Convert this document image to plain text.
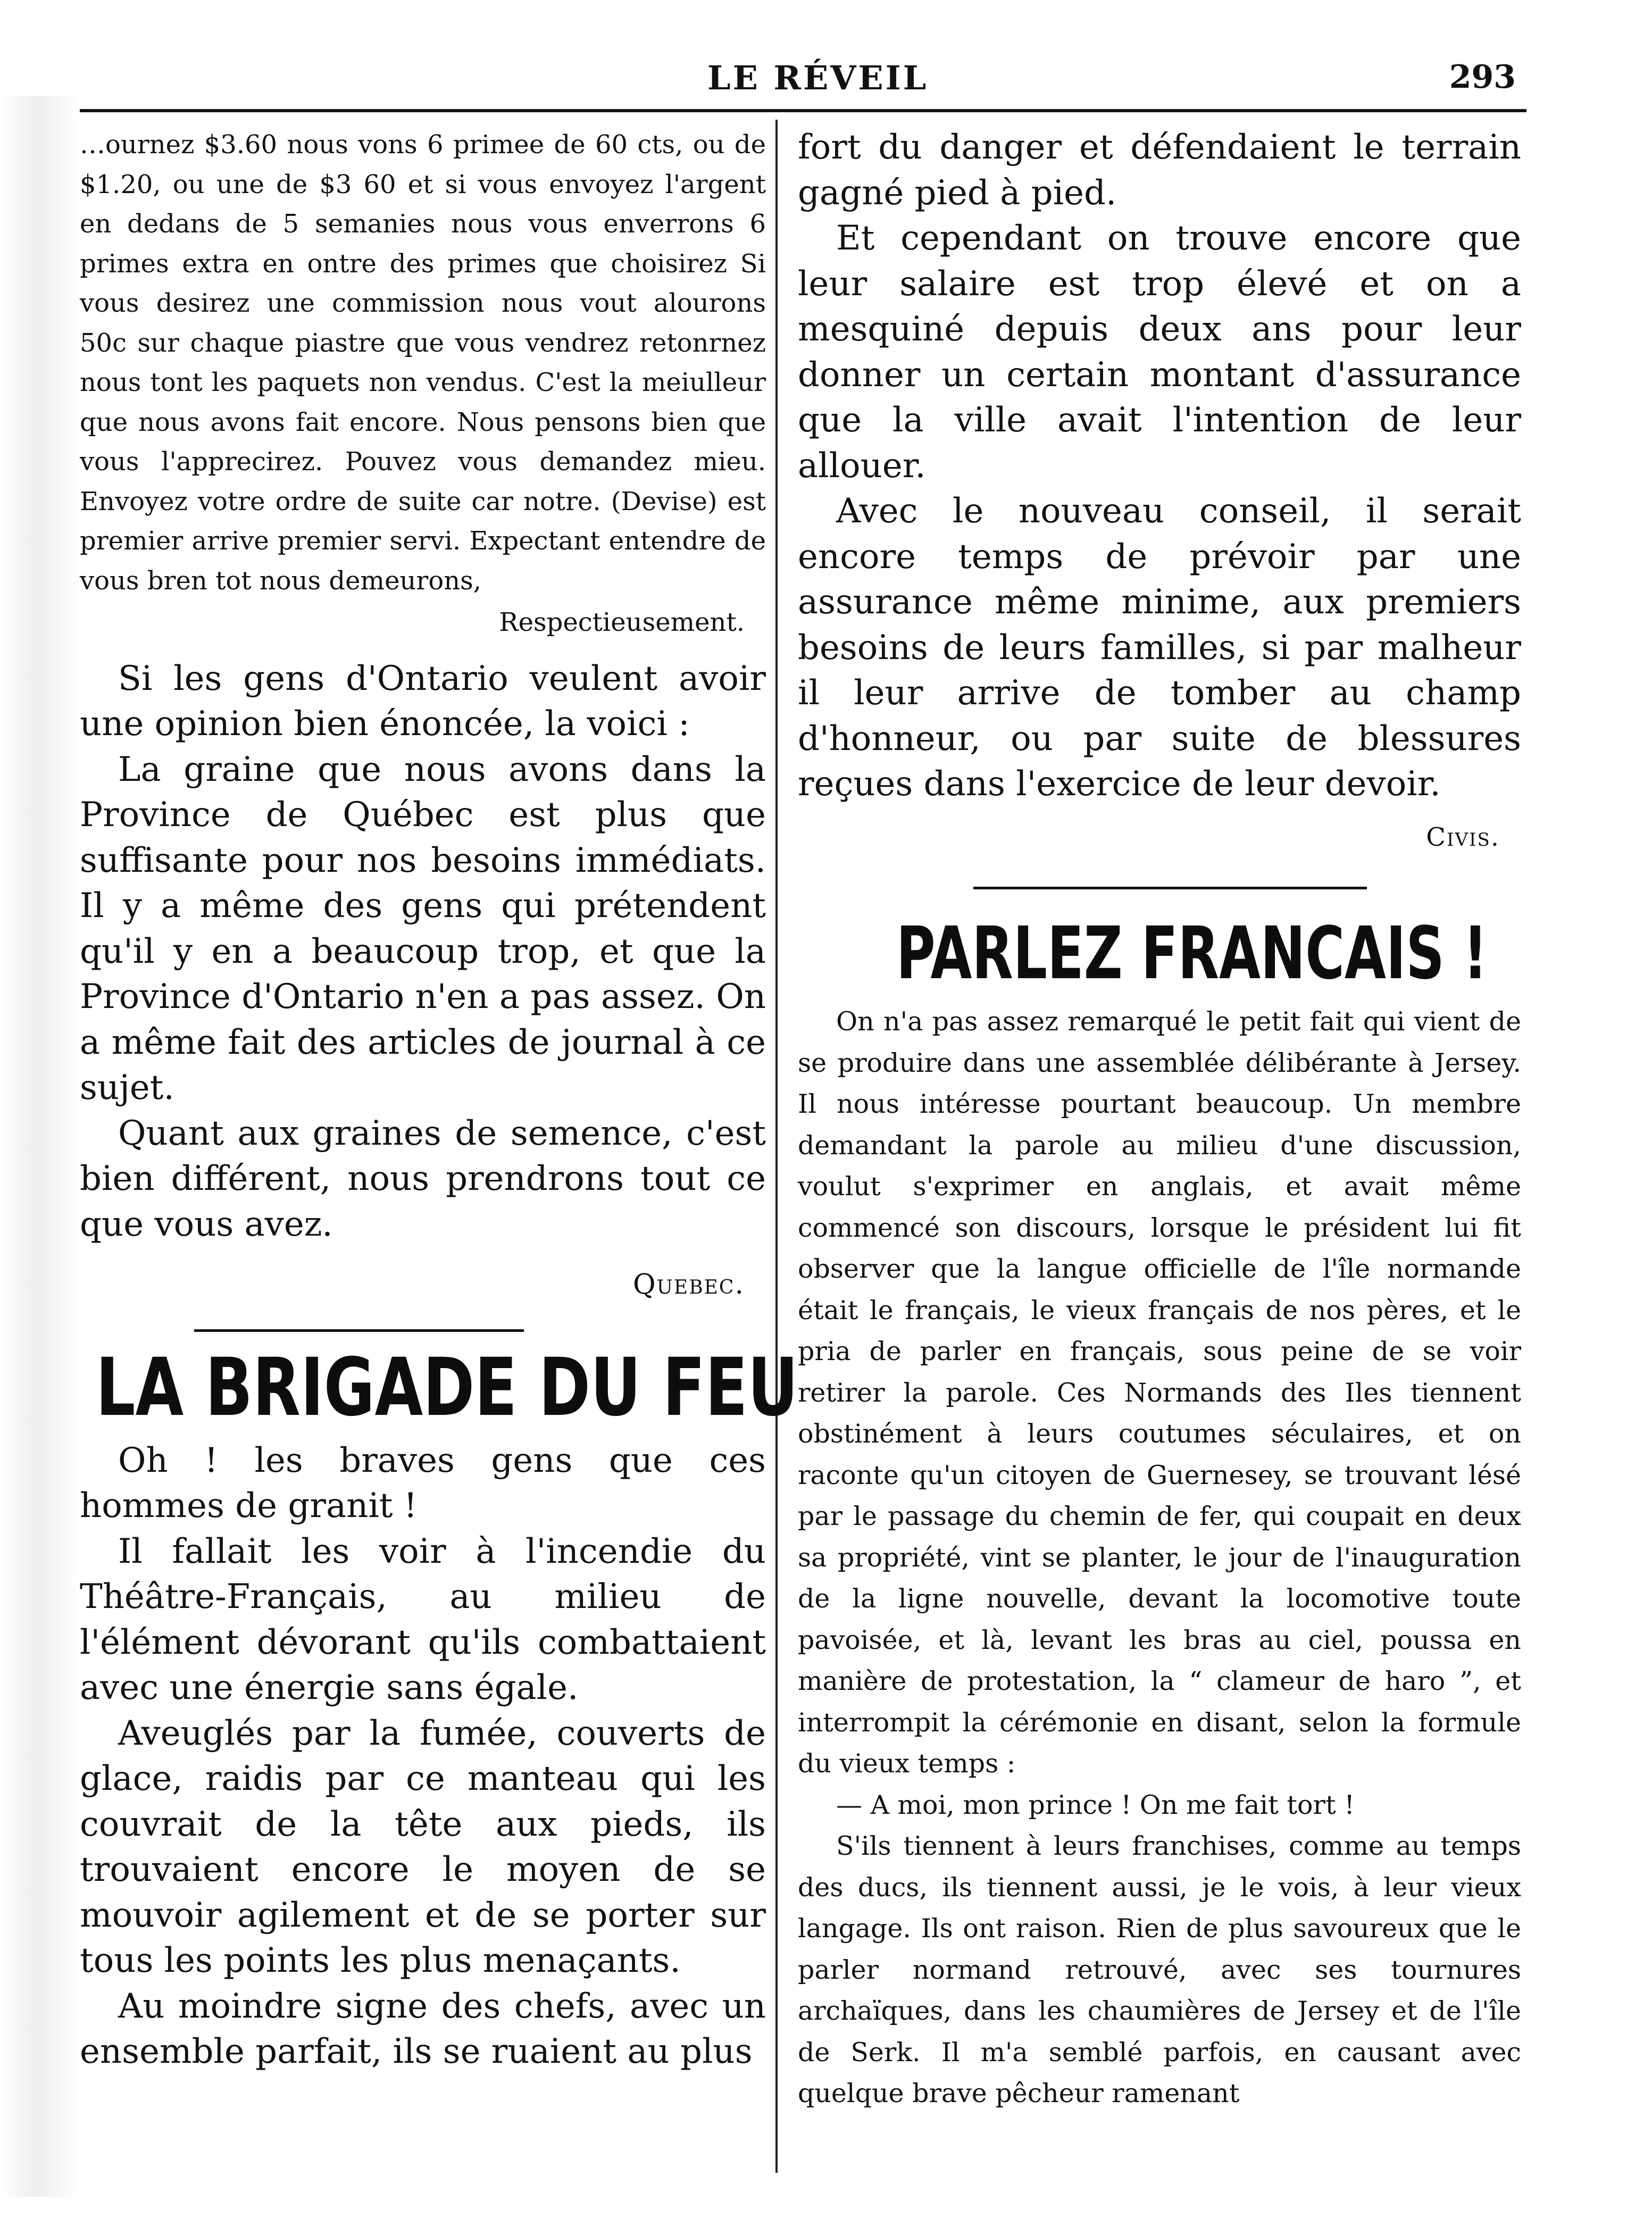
LE RÉVEIL	293

…ournez $3.60 nous vons 6 primee de 60 cts, ou de $1.20, ou une de $3 60 et si vous envoyez l'argent en dedans de 5 semanies nous vous enverrons 6 primes extra en ontre des primes que choisirez Si vous desirez une commission nous vout alourons 50c sur chaque piastre que vous vendrez retonrnez nous tont les paquets non vendus. C'est la meiulleur que nous avons fait encore. Nous pensons bien que vous l'apprecirez. Pouvez vous demandez mieu. Envoyez votre ordre de suite car notre. (Devise) est premier arrive premier servi. Expectant entendre de vous bren tot nous demeurons,

Respectieusement.

Si les gens d'Ontario veulent avoir une opinion bien énoncée, la voici :

La graine que nous avons dans la Province de Québec est plus que suffisante pour nos besoins immédiats. Il y a même des gens qui prétendent qu'il y en a beaucoup trop, et que la Province d'Ontario n'en a pas assez. On a même fait des articles de journal à ce sujet.

Quant aux graines de semence, c'est bien différent, nous prendrons tout ce que vous avez.

Quebec.

LA BRIGADE DU FEU

Oh ! les braves gens que ces hommes de granit !

Il fallait les voir à l'incendie du Théâtre-Français, au milieu de l'élément dévorant qu'ils combattaient avec une énergie sans égale.

Aveuglés par la fumée, couverts de glace, raidis par ce manteau qui les couvrait de la tête aux pieds, ils trouvaient encore le moyen de se mouvoir agilement et de se porter sur tous les points les plus menaçants.

Au moindre signe des chefs, avec un ensemble parfait, ils se ruaient au plus

fort du danger et défendaient le terrain gagné pied à pied.

Et cependant on trouve encore que leur salaire est trop élevé et on a mesquiné depuis deux ans pour leur donner un certain montant d'assurance que la ville avait l'intention de leur allouer.

Avec le nouveau conseil, il serait encore temps de prévoir par une assurance même minime, aux premiers besoins de leurs familles, si par malheur il leur arrive de tomber au champ d'honneur, ou par suite de blessures reçues dans l'exercice de leur devoir.

Civis.

PARLEZ FRANCAIS !

On n'a pas assez remarqué le petit fait qui vient de se produire dans une assemblée délibérante à Jersey. Il nous intéresse pourtant beaucoup. Un membre demandant la parole au milieu d'une discussion, voulut s'exprimer en anglais, et avait même commencé son discours, lorsque le président lui fit observer que la langue officielle de l'île normande était le français, le vieux français de nos pères, et le pria de parler en français, sous peine de se voir retirer la parole. Ces Normands des Iles tiennent obstinément à leurs coutumes séculaires, et on raconte qu'un citoyen de Guernesey, se trouvant lésé par le passage du chemin de fer, qui coupait en deux sa propriété, vint se planter, le jour de l'inauguration de la ligne nouvelle, devant la locomotive toute pavoisée, et là, levant les bras au ciel, poussa en manière de protestation, la “ clameur de haro ”, et interrompit la cérémonie en disant, selon la formule du vieux temps :

— A moi, mon prince ! On me fait tort !

S'ils tiennent à leurs franchises, comme au temps des ducs, ils tiennent aussi, je le vois, à leur vieux langage. Ils ont raison. Rien de plus savoureux que le parler normand retrouvé, avec ses tournures archaïques, dans les chaumières de Jersey et de l'île de Serk. Il m'a semblé parfois, en causant avec quelque brave pêcheur ramenant
